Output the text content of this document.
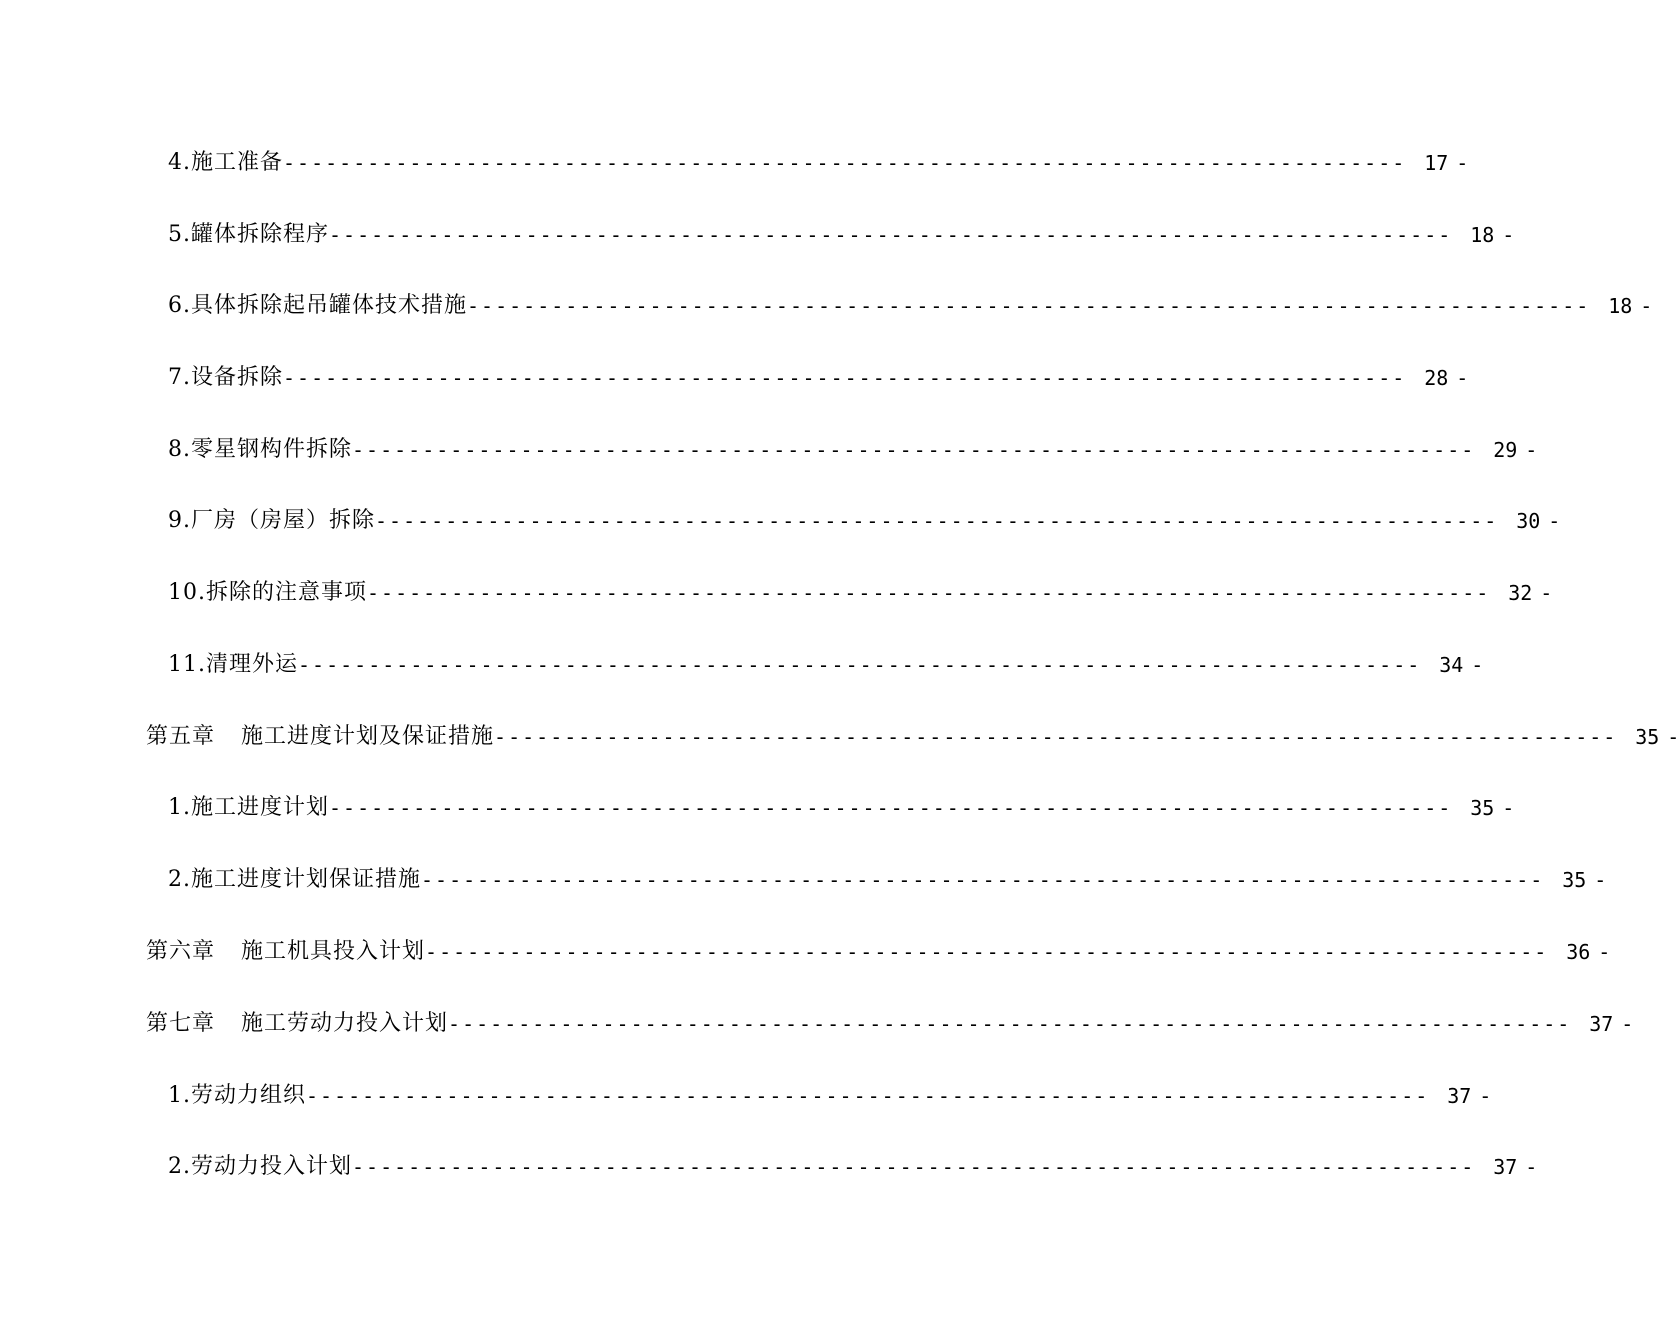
4.施工准备 -------------------------------------------------------------------------------- 17 -
5.罐体拆除程序 -------------------------------------------------------------------------------- 18 -
6.具体拆除起吊罐体技术措施 -------------------------------------------------------------------------------- 18 -
7.设备拆除 -------------------------------------------------------------------------------- 28 -
8.零星钢构件拆除 -------------------------------------------------------------------------------- 29 -
9.厂房（房屋）拆除 -------------------------------------------------------------------------------- 30 -
10.拆除的注意事项 -------------------------------------------------------------------------------- 32 -
11.清理外运 -------------------------------------------------------------------------------- 34 -
第五章 施工进度计划及保证措施 -------------------------------------------------------------------------------- 35 -
1.施工进度计划 -------------------------------------------------------------------------------- 35 -
2.施工进度计划保证措施 -------------------------------------------------------------------------------- 35 -
第六章 施工机具投入计划 -------------------------------------------------------------------------------- 36 -
第七章 施工劳动力投入计划 -------------------------------------------------------------------------------- 37 -
1.劳动力组织 -------------------------------------------------------------------------------- 37 -
2.劳动力投入计划 -------------------------------------------------------------------------------- 37 -
